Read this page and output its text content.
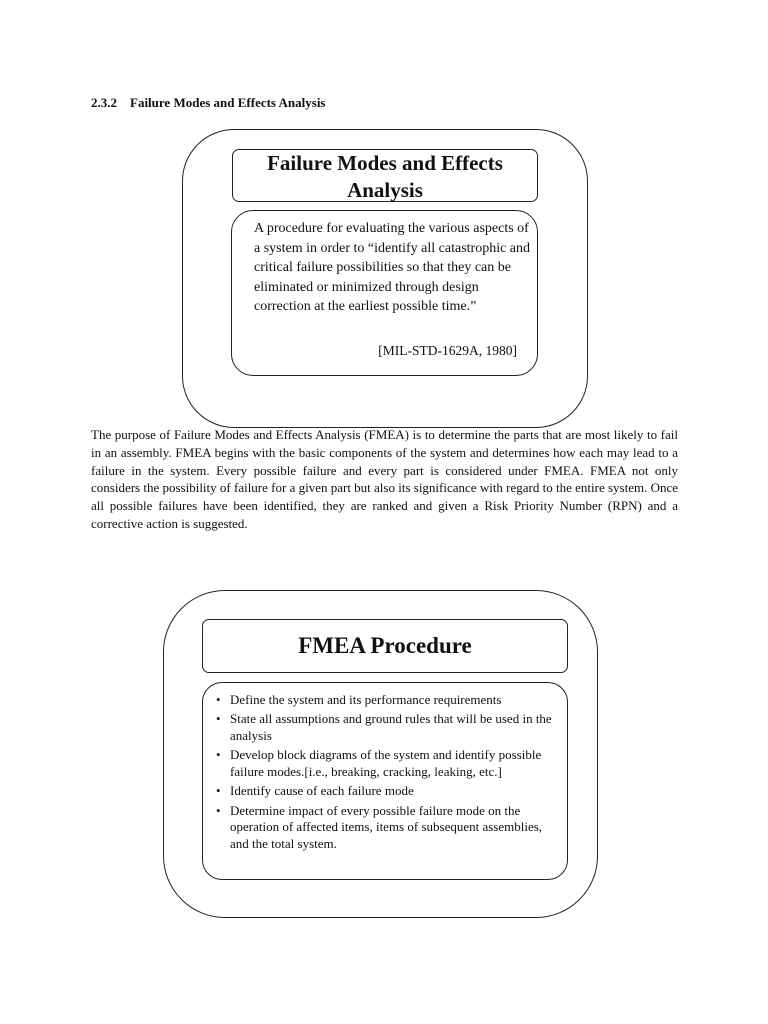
2.3.2 Failure Modes and Effects Analysis
Failure Modes and Effects
Analysis

A procedure for evaluating the various aspects of a system in order to “identify all catastrophic and critical failure possibilities so that they can be eliminated or minimized through design correction at the earliest possible time.”

[MIL-STD-1629A, 1980]

The purpose of Failure Modes and Effects Analysis (FMEA) is to determine the parts that are most likely to fail in an assembly. FMEA begins with the basic components of the system and determines how each may lead to a failure in the system. Every possible failure and every part is considered under FMEA. FMEA not only considers the possibility of failure for a given part but also its significance with regard to the entire system. Once all possible failures have been identified, they are ranked and given a Risk Priority Number (RPN) and a corrective action is suggested.

FMEA Procedure
• Define the system and its performance requirements
• State all assumptions and ground rules that will be used in the analysis
• Develop block diagrams of the system and identify possible failure modes.[i.e., breaking, cracking, leaking, etc.]
• Identify cause of each failure mode
• Determine impact of every possible failure mode on the operation of affected items, items of subsequent assemblies, and the total system.
